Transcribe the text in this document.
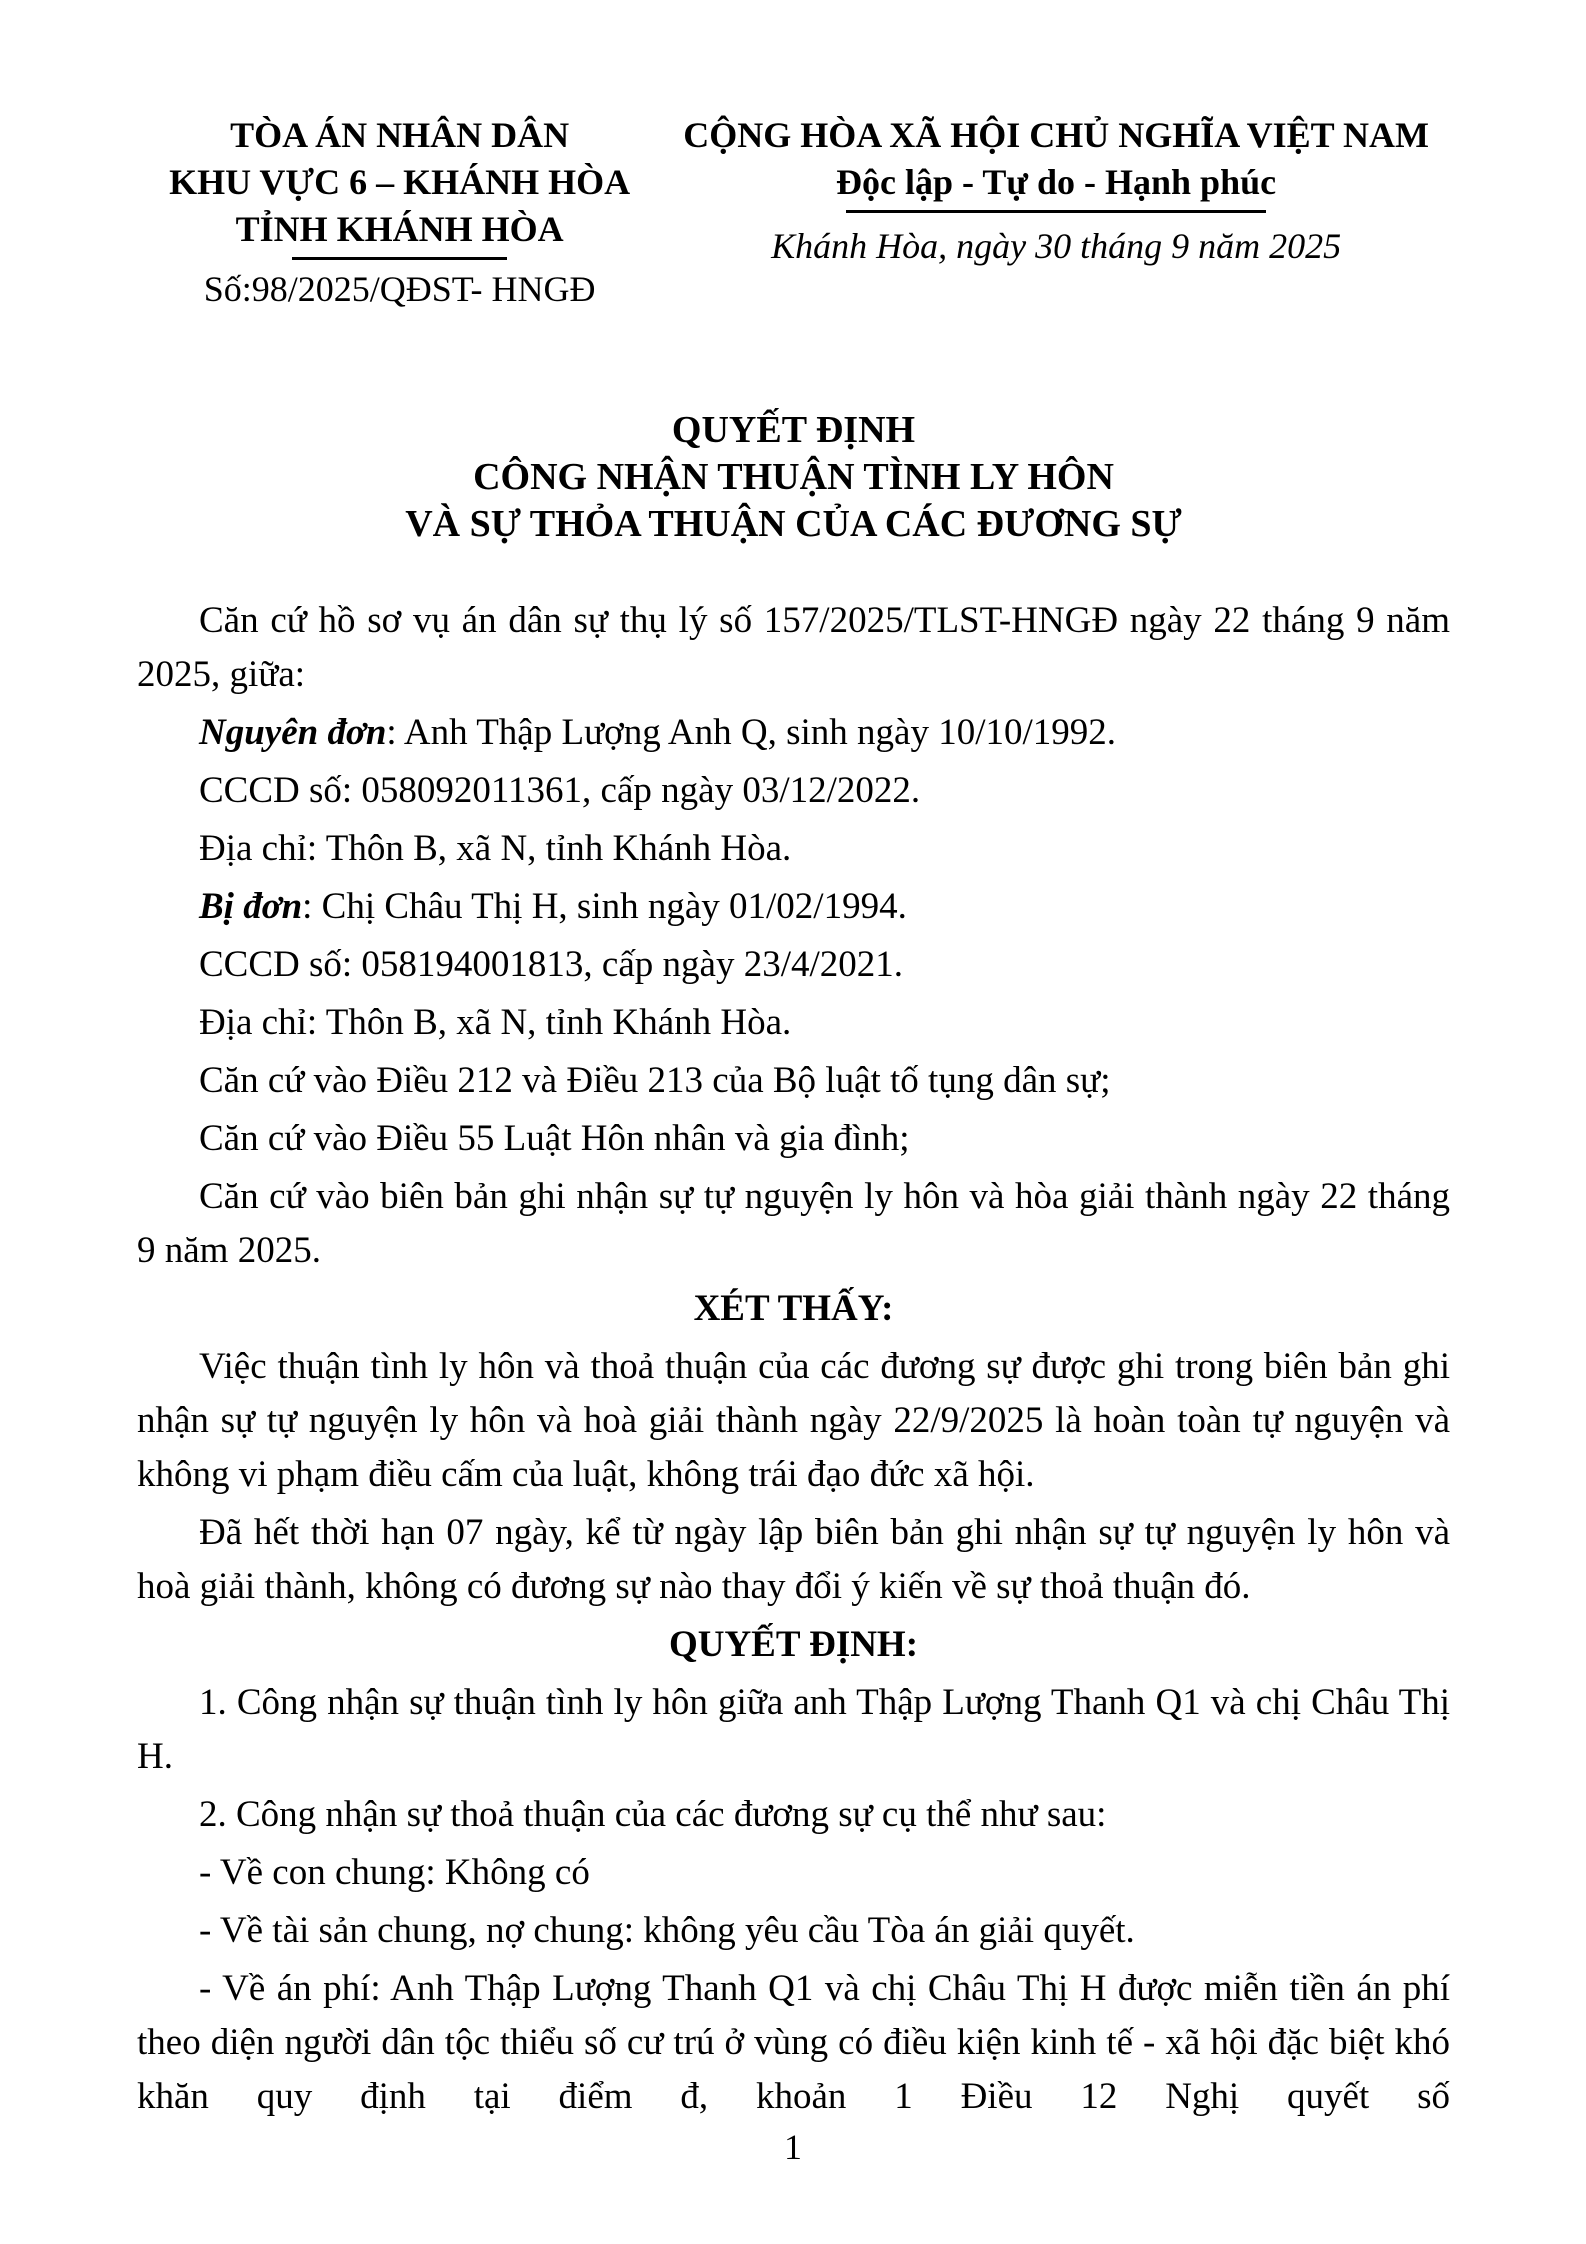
TÒA ÁN NHÂN DÂN
KHU VỰC 6 – KHÁNH HÒA
TỈNH KHÁNH HÒA
Số:98/2025/QĐST- HNGĐ
CỘNG HÒA XÃ HỘI CHỦ NGHĨA VIỆT NAM
Độc lập - Tự do - Hạnh phúc
Khánh Hòa, ngày 30 tháng 9 năm 2025
QUYẾT ĐỊNH
CÔNG NHẬN THUẬN TÌNH LY HÔN
VÀ SỰ THỎA THUẬN CỦA CÁC ĐƯƠNG SỰ

Căn cứ hồ sơ vụ án dân sự thụ lý số 157/2025/TLST-HNGĐ ngày 22 tháng 9 năm 2025, giữa:

Nguyên đơn: Anh Thập Lượng Anh Q, sinh ngày 10/10/1992.

CCCD số: 058092011361, cấp ngày 03/12/2022.

Địa chỉ: Thôn B, xã N, tỉnh Khánh Hòa.

Bị đơn: Chị Châu Thị H, sinh ngày 01/02/1994.

CCCD số: 058194001813, cấp ngày 23/4/2021.

Địa chỉ: Thôn B, xã N, tỉnh Khánh Hòa.

Căn cứ vào Điều 212 và Điều 213 của Bộ luật tố tụng dân sự;

Căn cứ vào Điều 55 Luật Hôn nhân và gia đình;

Căn cứ vào biên bản ghi nhận sự tự nguyện ly hôn và hòa giải thành ngày 22 tháng 9 năm 2025.

XÉT THẤY:

Việc thuận tình ly hôn và thoả thuận của các đương sự được ghi trong biên bản ghi nhận sự tự nguyện ly hôn và hoà giải thành ngày 22/9/2025 là hoàn toàn tự nguyện và không vi phạm điều cấm của luật, không trái đạo đức xã hội.

Đã hết thời hạn 07 ngày, kể từ ngày lập biên bản ghi nhận sự tự nguyện ly hôn và hoà giải thành, không có đương sự nào thay đổi ý kiến về sự thoả thuận đó.

QUYẾT ĐỊNH:

1. Công nhận sự thuận tình ly hôn giữa anh Thập Lượng Thanh Q1 và chị Châu Thị H.

2. Công nhận sự thoả thuận của các đương sự cụ thể như sau:

- Về con chung: Không có

- Về tài sản chung, nợ chung: không yêu cầu Tòa án giải quyết.

- Về án phí: Anh Thập Lượng Thanh Q1 và chị Châu Thị H được miễn tiền án phí theo diện người dân tộc thiểu số cư trú ở vùng có điều kiện kinh tế - xã hội đặc biệt khó khăn quy định tại điểm đ, khoản 1 Điều 12 Nghị quyết số

1
